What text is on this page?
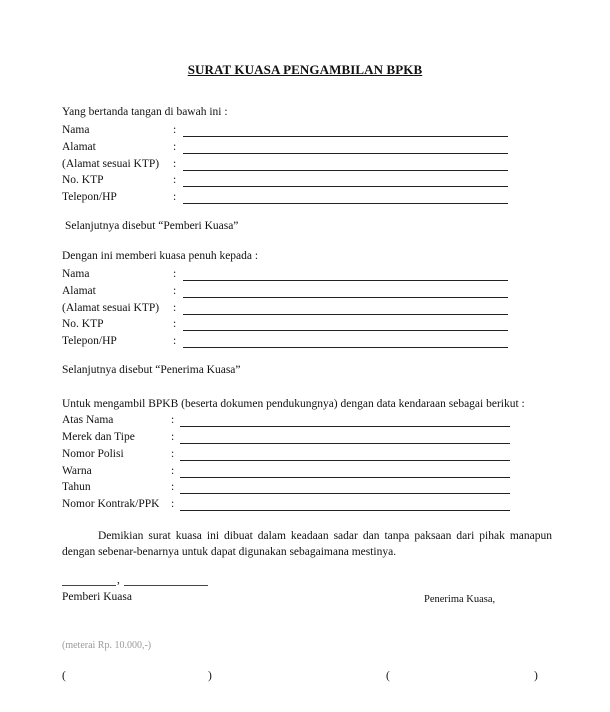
SURAT KUASA PENGAMBILAN BPKB
Yang bertanda tangan di bawah ini :
Nama	:
Alamat	:
(Alamat sesuai KTP) :
No. KTP	:
Telepon/HP	:
Selanjutnya disebut “Pemberi Kuasa”
Dengan ini memberi kuasa penuh kepada :
Nama	:
Alamat	:
(Alamat sesuai KTP) :
No. KTP	:
Telepon/HP	:
Selanjutnya disebut “Penerima Kuasa”
Untuk mengambil BPKB (beserta dokumen pendukungnya) dengan data kendaraan sebagai berikut :
Atas Nama	:
Merek dan Tipe	:
Nomor Polisi	:
Warna	:
Tahun	:
Nomor Kontrak/PPK :
Demikian surat kuasa ini dibuat dalam keadaan sadar dan tanpa paksaan dari pihak manapun dengan sebenar-benarnya untuk dapat digunakan sebagaimana mestinya.
,
Pemberi Kuasa	Penerima Kuasa,
(meterai Rp. 10.000,-)
(	)	(	)
